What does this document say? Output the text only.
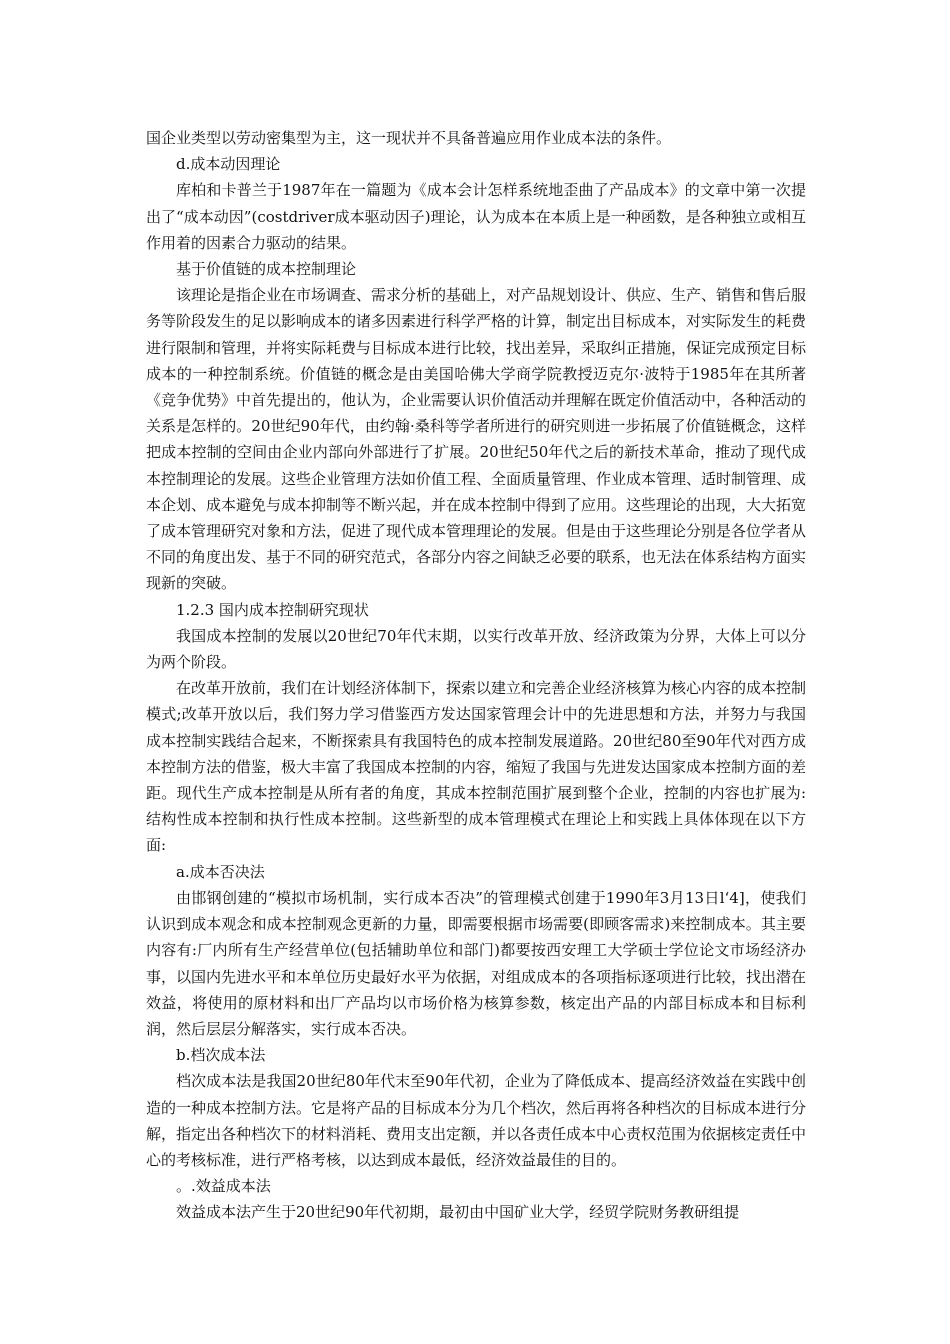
国企业类型以劳动密集型为主，这一现状并不具备普遍应用作业成本法的条件。

d.成本动因理论

库柏和卡普兰于1987年在一篇题为《成本会计怎样系统地歪曲了产品成本》的文章中第一次提出了“成本动因”(costdriver成本驱动因子)理论，认为成本在本质上是一种函数，是各种独立或相互作用着的因素合力驱动的结果。

基于价值链的成本控制理论

该理论是指企业在市场调查、需求分析的基础上，对产品规划设计、供应、生产、销售和售后服务等阶段发生的足以影响成本的诸多因素进行科学严格的计算，制定出目标成本，对实际发生的耗费进行限制和管理，并将实际耗费与目标成本进行比较，找出差异，采取纠正措施，保证完成预定目标成本的一种控制系统。价值链的概念是由美国哈佛大学商学院教授迈克尔·波特于1985年在其所著《竞争优势》中首先提出的，他认为，企业需要认识价值活动并理解在既定价值活动中，各种活动的关系是怎样的。20世纪90年代，由约翰·桑科等学者所进行的研究则进一步拓展了价值链概念，这样把成本控制的空间由企业内部向外部进行了扩展。20世纪50年代之后的新技术革命，推动了现代成本控制理论的发展。这些企业管理方法如价值工程、全面质量管理、作业成本管理、适时制管理、成本企划、成本避免与成本抑制等不断兴起，并在成本控制中得到了应用。这些理论的出现，大大拓宽了成本管理研究对象和方法，促进了现代成本管理理论的发展。但是由于这些理论分别是各位学者从不同的角度出发、基于不同的研究范式，各部分内容之间缺乏必要的联系，也无法在体系结构方面实现新的突破。

1.2.3 国内成本控制研究现状

我国成本控制的发展以20世纪70年代末期，以实行改革开放、经济政策为分界，大体上可以分为两个阶段。

在改革开放前，我们在计划经济体制下，探索以建立和完善企业经济核算为核心内容的成本控制模式;改革开放以后，我们努力学习借鉴西方发达国家管理会计中的先进思想和方法，并努力与我国成本控制实践结合起来，不断探索具有我国特色的成本控制发展道路。20世纪80至90年代对西方成本控制方法的借鉴，极大丰富了我国成本控制的内容，缩短了我国与先进发达国家成本控制方面的差距。现代生产成本控制是从所有者的角度，其成本控制范围扩展到整个企业，控制的内容也扩展为:结构性成本控制和执行性成本控制。这些新型的成本管理模式在理论上和实践上具体体现在以下方面:

a.成本否决法

由邯钢创建的“模拟市场机制，实行成本否决”的管理模式创建于1990年3月13日l‘4]，使我们认识到成本观念和成本控制观念更新的力量，即需要根据市场需要(即顾客需求)来控制成本。其主要内容有:厂内所有生产经营单位(包括辅助单位和部门)都要按西安理工大学硕士学位论文市场经济办事，以国内先进水平和本单位历史最好水平为依据，对组成成本的各项指标逐项进行比较，找出潜在效益，将使用的原材料和出厂产品均以市场价格为核算参数，核定出产品的内部目标成本和目标利润，然后层层分解落实，实行成本否决。

b.档次成本法

档次成本法是我国20世纪80年代末至90年代初，企业为了降低成本、提高经济效益在实践中创造的一种成本控制方法。它是将产品的目标成本分为几个档次，然后再将各种档次的目标成本进行分解，指定出各种档次下的材料消耗、费用支出定额，并以各责任成本中心责权范围为依据核定责任中心的考核标准，进行严格考核，以达到成本最低，经济效益最佳的目的。

。.效益成本法

效益成本法产生于20世纪90年代初期，最初由中国矿业大学，经贸学院财务教研组提
